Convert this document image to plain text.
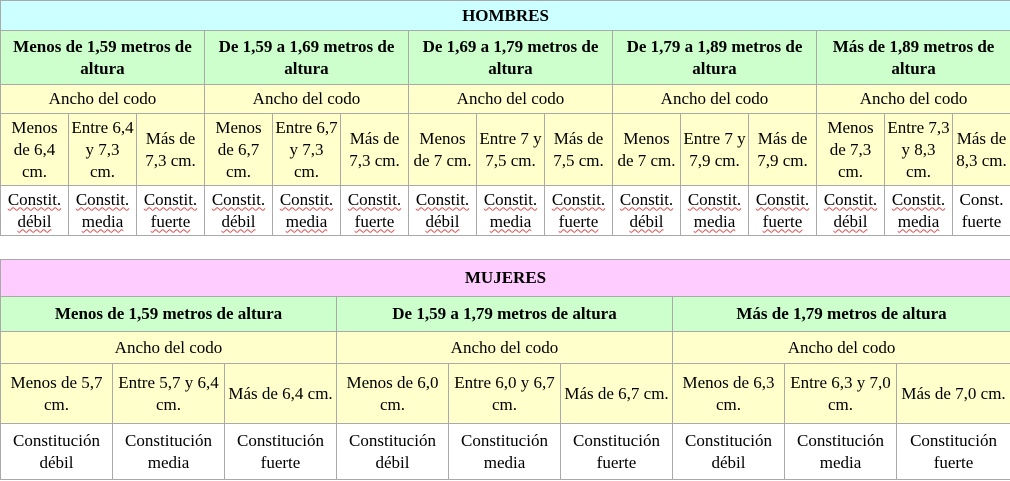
HOMBRES														
Menos de 1,59 metros de altura			De 1,59 a 1,69 metros de altura			De 1,69 a 1,79 metros de altura			De 1,79 a 1,89 metros de altura			Más de 1,89 metros de altura		
Ancho del codo			Ancho del codo			Ancho del codo			Ancho del codo			Ancho del codo		
Menos de 6,4 cm.	Entre 6,4 y 7,3 cm.	Más de 7,3 cm.	Menos de 6,7 cm.	Entre 6,7 y 7,3 cm.	Más de 7,3 cm.	Menos de 7 cm.	Entre 7 y 7,5 cm.	Más de 7,5 cm.	Menos de 7 cm.	Entre 7 y 7,9 cm.	Más de 7,9 cm.	Menos de 7,3 cm.	Entre 7,3 y 8,3 cm.	Más de 8,3 cm.
Constit. débil	Constit. media	Constit. fuerte	Constit. débil	Constit. media	Constit. fuerte	Constit. débil	Constit. media	Constit. fuerte	Constit. débil	Constit. media	Constit. fuerte	Constit. débil	Constit. media	Const. fuerte
MUJERES								
Menos de 1,59 metros de altura			De 1,59 a 1,79 metros de altura			Más de 1,79 metros de altura		
Ancho del codo			Ancho del codo			Ancho del codo		
Menos de 5,7 cm.	Entre 5,7 y 6,4 cm.	Más de 6,4 cm.	Menos de 6,0 cm.	Entre 6,0 y 6,7 cm.	Más de 6,7 cm.	Menos de 6,3 cm.	Entre 6,3 y 7,0 cm.	Más de 7,0 cm.
Constitución débil	Constitución media	Constitución fuerte	Constitución débil	Constitución media	Constitución fuerte	Constitución débil	Constitución media	Constitución fuerte
